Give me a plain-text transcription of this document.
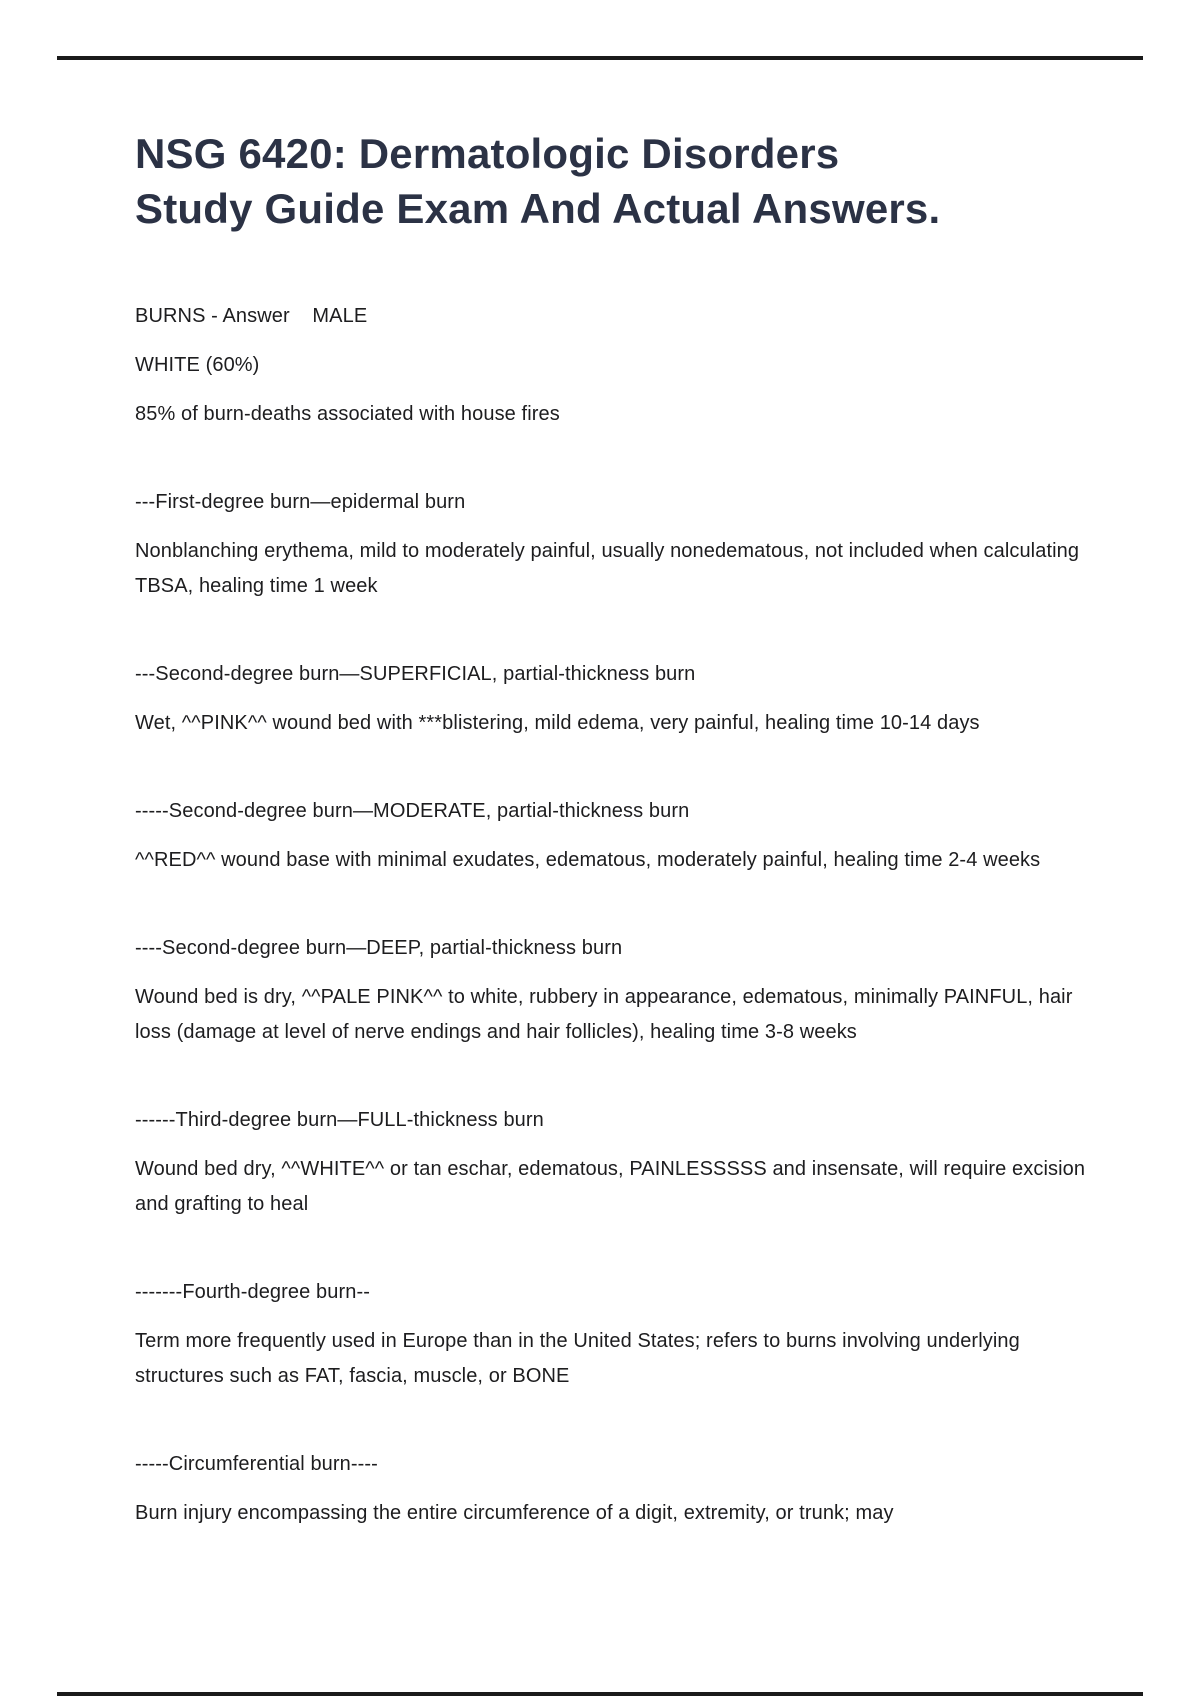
NSG 6420: Dermatologic Disorders
Study Guide Exam And Actual Answers.

BURNS - Answer    MALE

WHITE (60%)

85% of burn-deaths associated with house fires

---First-degree burn—epidermal burn

Nonblanching erythema, mild to moderately painful, usually nonedematous, not included when calculating TBSA, healing time 1 week

---Second-degree burn—SUPERFICIAL, partial-thickness burn

Wet, ^^PINK^^ wound bed with ***blistering, mild edema, very painful, healing time 10-14 days

-----Second-degree burn—MODERATE, partial-thickness burn

^^RED^^ wound base with minimal exudates, edematous, moderately painful, healing time 2-4 weeks

----Second-degree burn—DEEP, partial-thickness burn

Wound bed is dry, ^^PALE PINK^^ to white, rubbery in appearance, edematous, minimally PAINFUL, hair loss (damage at level of nerve endings and hair follicles), healing time 3-8 weeks

------Third-degree burn—FULL-thickness burn

Wound bed dry, ^^WHITE^^ or tan eschar, edematous, PAINLESSSSS and insensate, will require excision and grafting to heal

-------Fourth-degree burn--

Term more frequently used in Europe than in the United States; refers to burns involving underlying structures such as FAT, fascia, muscle, or BONE

-----Circumferential burn----

Burn injury encompassing the entire circumference of a digit, extremity, or trunk; may
